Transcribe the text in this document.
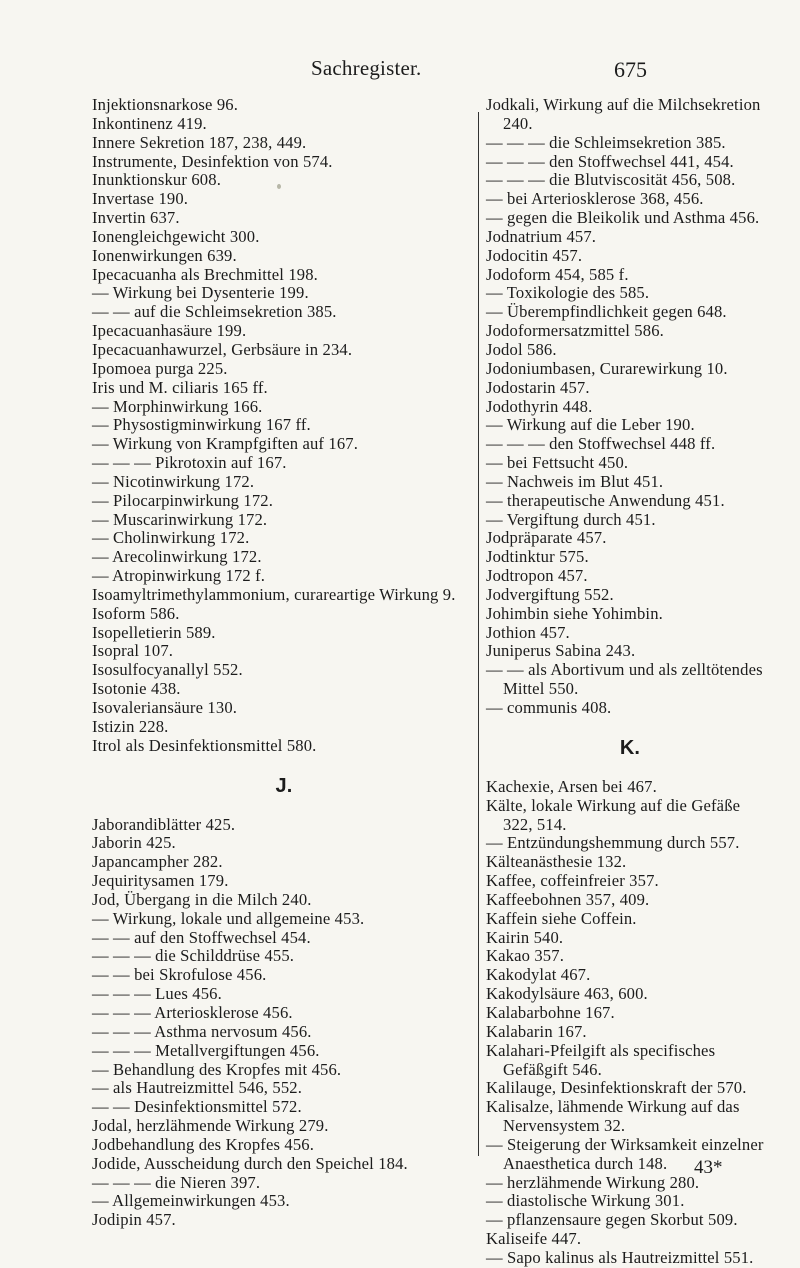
Sachregister.	675
Injektionsnarkose 96.
Inkontinenz 419.
Innere Sekretion 187, 238, 449.
Instrumente, Desinfektion von 574.
Inunktionskur 608.
Invertase 190.
Invertin 637.
Ionengleichgewicht 300.
Ionenwirkungen 639.
Ipecacuanha als Brechmittel 198.
— Wirkung bei Dysenterie 199.
— — auf die Schleimsekretion 385.
Ipecacuanhasäure 199.
Ipecacuanhawurzel, Gerbsäure in 234.
Ipomoea purga 225.
Iris und M. ciliaris 165 ff.
— Morphinwirkung 166.
— Physostigminwirkung 167 ff.
— Wirkung von Krampfgiften auf 167.
— — — Pikrotoxin auf 167.
— Nicotinwirkung 172.
— Pilocarpinwirkung 172.
— Muscarinwirkung 172.
— Cholinwirkung 172.
— Arecolinwirkung 172.
— Atropinwirkung 172 f.
Isoamyltrimethylammonium, curareartige Wirkung 9.
Isoform 586.
Isopelletierin 589.
Isopral 107.
Isosulfocyanallyl 552.
Isotonie 438.
Isovaleriansäure 130.
Istizin 228.
Itrol als Desinfektionsmittel 580.
J.
Jaborandiblätter 425.
Jaborin 425.
Japancampher 282.
Jequiritysamen 179.
Jod, Übergang in die Milch 240.
— Wirkung, lokale und allgemeine 453.
— — auf den Stoffwechsel 454.
— — — die Schilddrüse 455.
— — bei Skrofulose 456.
— — — Lues 456.
— — — Arteriosklerose 456.
— — — Asthma nervosum 456.
— — — Metallvergiftungen 456.
— Behandlung des Kropfes mit 456.
— als Hautreizmittel 546, 552.
— — Desinfektionsmittel 572.
Jodal, herzlähmende Wirkung 279.
Jodbehandlung des Kropfes 456.
Jodide, Ausscheidung durch den Speichel 184.
— — — die Nieren 397.
— Allgemeinwirkungen 453.
Jodipin 457.
Jodkali, Wirkung auf die Milchsekretion 240.
— — — die Schleimsekretion 385.
— — — den Stoffwechsel 441, 454.
— — — die Blutviscosität 456, 508.
— bei Arteriosklerose 368, 456.
— gegen die Bleikolik und Asthma 456.
Jodnatrium 457.
Jodocitin 457.
Jodoform 454, 585 f.
— Toxikologie des 585.
— Überempfindlichkeit gegen 648.
Jodoformersatzmittel 586.
Jodol 586.
Jodoniumbasen, Curarewirkung 10.
Jodostarin 457.
Jodothyrin 448.
— Wirkung auf die Leber 190.
— — — den Stoffwechsel 448 ff.
— bei Fettsucht 450.
— Nachweis im Blut 451.
— therapeutische Anwendung 451.
— Vergiftung durch 451.
Jodpräparate 457.
Jodtinktur 575.
Jodtropon 457.
Jodvergiftung 552.
Johimbin siehe Yohimbin.
Jothion 457.
Juniperus Sabina 243.
— — als Abortivum und als zelltötendes Mittel 550.
— communis 408.
K.
Kachexie, Arsen bei 467.
Kälte, lokale Wirkung auf die Gefäße 322, 514.
— Entzündungshemmung durch 557.
Kälteanästhesie 132.
Kaffee, coffeinfreier 357.
Kaffeebohnen 357, 409.
Kaffein siehe Coffein.
Kairin 540.
Kakao 357.
Kakodylat 467.
Kakodylsäure 463, 600.
Kalabarbohne 167.
Kalabarin 167.
Kalahari-Pfeilgift als specifisches Gefäßgift 546.
Kalilauge, Desinfektionskraft der 570.
Kalisalze, lähmende Wirkung auf das Nervensystem 32.
— Steigerung der Wirksamkeit einzelner Anaesthetica durch 148.
— herzlähmende Wirkung 280.
— diastolische Wirkung 301.
— pflanzensaure gegen Skorbut 509.
Kaliseife 447.
— Sapo kalinus als Hautreizmittel 551.
43*
